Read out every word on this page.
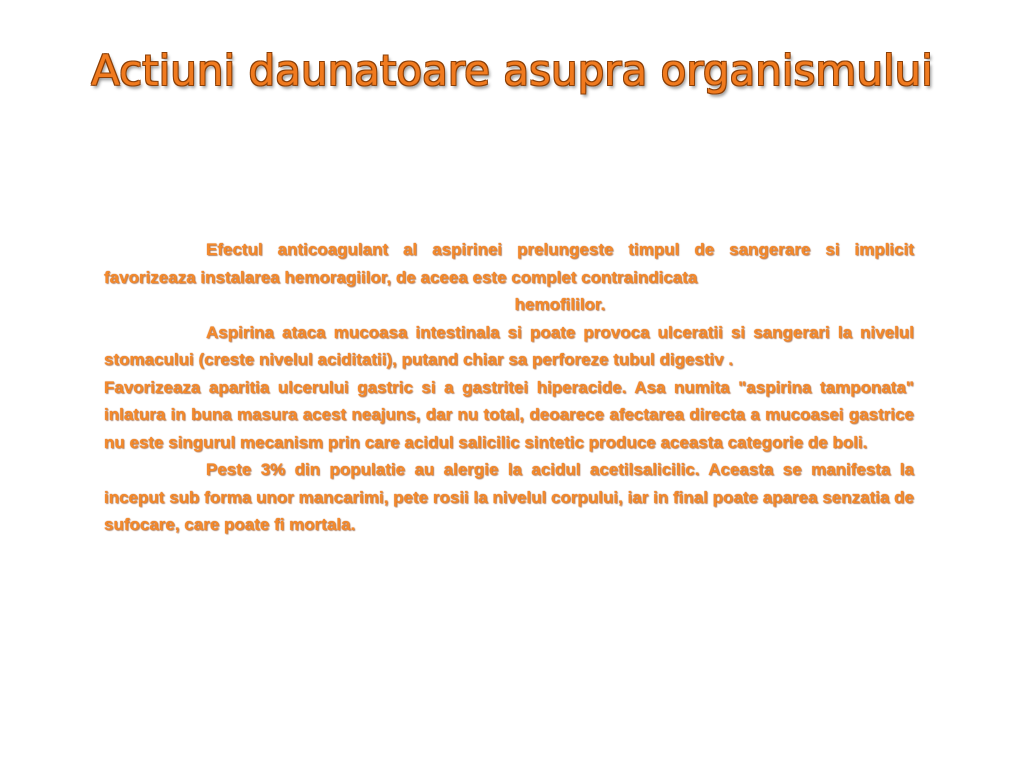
Actiuni daunatoare asupra organismului

Efectul anticoagulant al aspirinei prelungeste timpul de sangerare si implicit favorizeaza instalarea hemoragiilor, de aceea este complet contraindicata
hemofililor.

Aspirina ataca mucoasa intestinala si poate provoca ulceratii si sangerari la nivelul stomacului (creste nivelul aciditatii), putand chiar sa perforeze tubul digestiv .

Favorizeaza aparitia ulcerului gastric si a gastritei hiperacide. Asa numita "aspirina tamponata" inlatura in buna masura acest neajuns, dar nu total, deoarece afectarea directa a mucoasei gastrice nu este singurul mecanism prin care acidul salicilic sintetic produce aceasta categorie de boli.

Peste 3% din populatie au alergie la acidul acetilsalicilic. Aceasta se manifesta la inceput sub forma unor mancarimi, pete rosii la nivelul corpului, iar in final poate aparea senzatia de sufocare, care poate fi mortala.
